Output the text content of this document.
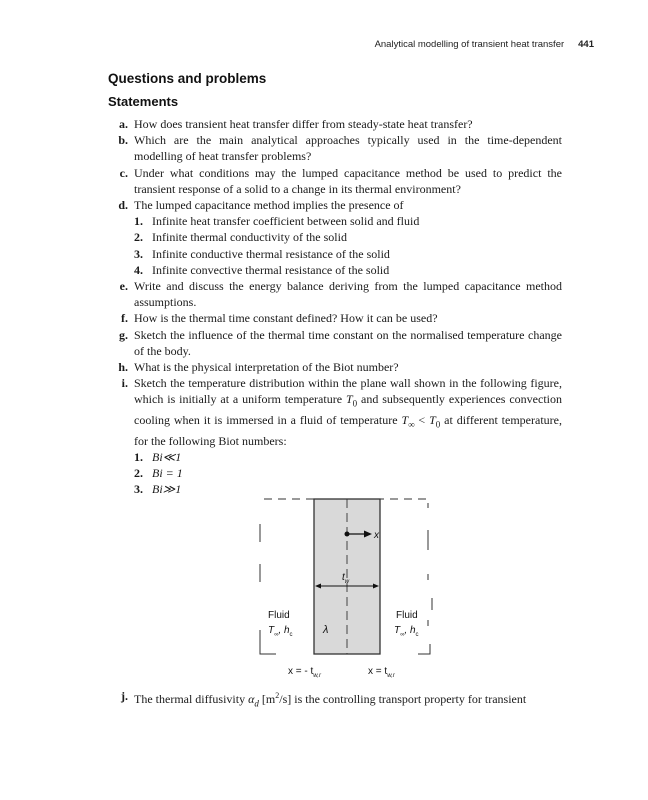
Analytical modelling of transient heat transfer 441
Questions and problems
Statements
a. How does transient heat transfer differ from steady-state heat transfer?
b. Which are the main analytical approaches typically used in the time-dependent modelling of heat transfer problems?
c. Under what conditions may the lumped capacitance method be used to predict the transient response of a solid to a change in its thermal environment?
d. The lumped capacitance method implies the presence of
1. Infinite heat transfer coefficient between solid and fluid
2. Infinite thermal conductivity of the solid
3. Infinite conductive thermal resistance of the solid
4. Infinite convective thermal resistance of the solid
e. Write and discuss the energy balance deriving from the lumped capacitance method assumptions.
f. How is the thermal time constant defined? How it can be used?
g. Sketch the influence of the thermal time constant on the normalised temperature change of the body.
h. What is the physical interpretation of the Biot number?
i. Sketch the temperature distribution within the plane wall shown in the following figure, which is initially at a uniform temperature $T_0$ and subsequently experiences convection cooling when it is immersed in a fluid of temperature $T_\infty < T_0$ at different temperature, for the following Biot numbers:
1. Bi≪1
2. Bi = 1
3. Bi≫1
x
$t_w$
Fluid
$T_\infty$, $h_c$	λ
Fluid
$T_\infty$, $h_c$
x = - $t_{w,r}$	$x = t_{w,r}$
j. The thermal diffusivity $\alpha_d$ $[m^2/s]$ is the controlling transport property for transient
